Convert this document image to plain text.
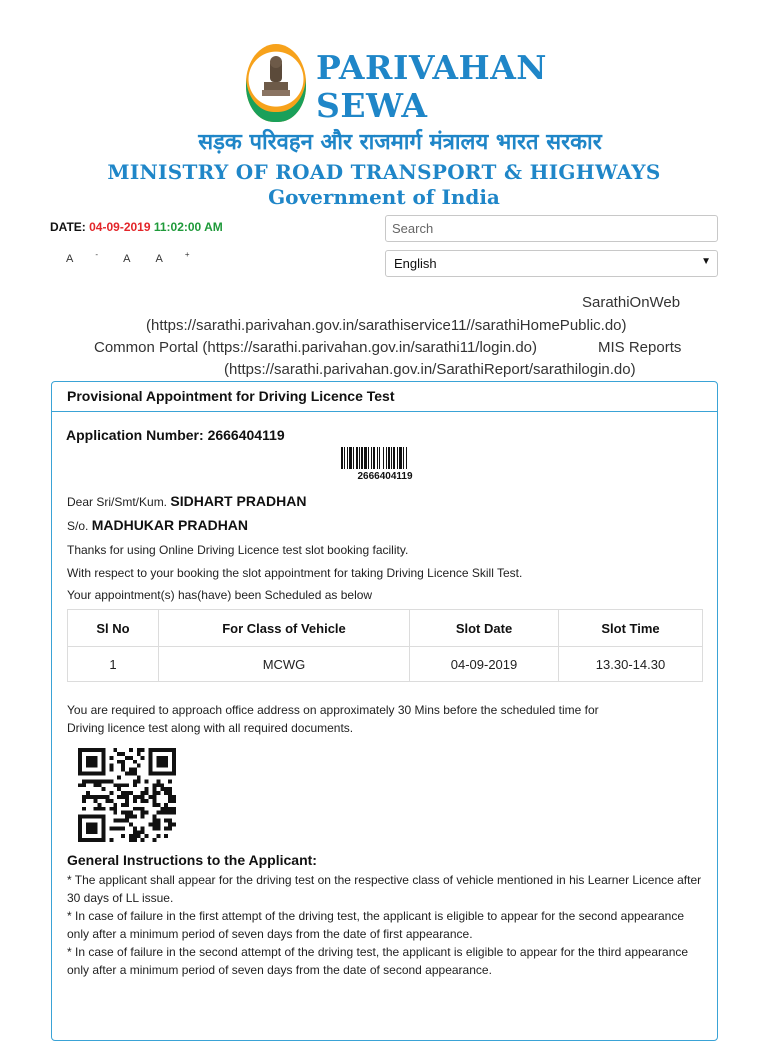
PARIVAHAN
SEWA
सड़क परिवहन और राजमार्ग मंत्रालय भारत सरकार
MINISTRY OF ROAD TRANSPORT & HIGHWAYS
Government of India
DATE: 04-09-2019 11:02:00 AM
A	- A A	+
Search
English	▼
SarathiOnWeb
(https://sarathi.parivahan.gov.in/sarathiservice11//sarathiHomePublic.do)
Common Portal (https://sarathi.parivahan.gov.in/sarathi11/login.do)	MIS Reports
(https://sarathi.parivahan.gov.in/SarathiReport/sarathilogin.do)
Provisional Appointment for Driving Licence Test
Application Number: 2666404119
2666404119
Dear Sri/Smt/Kum. SIDHART PRADHAN
S/o. MADHUKAR PRADHAN
Thanks for using Online Driving Licence test slot booking facility.
With respect to your booking the slot appointment for taking Driving Licence Skill Test.
Your appointment(s) has(have) been Scheduled as below
Sl No	For Class of Vehicle	Slot Date	Slot Time
1	MCWG	04-09-2019	13.30-14.30
You are required to approach office address on approximately 30 Mins before the scheduled time for
Driving licence test along with all required documents.
General Instructions to the Applicant:
* The applicant shall appear for the driving test on the respective class of vehicle mentioned in his Learner Licence after 30 days of LL issue.
* In case of failure in the first attempt of the driving test, the applicant is eligible to appear for the second appearance only after a minimum period of seven days from the date of first appearance.
* In case of failure in the second attempt of the driving test, the applicant is eligible to appear for the third appearance only after a minimum period of seven days from the date of second appearance.
